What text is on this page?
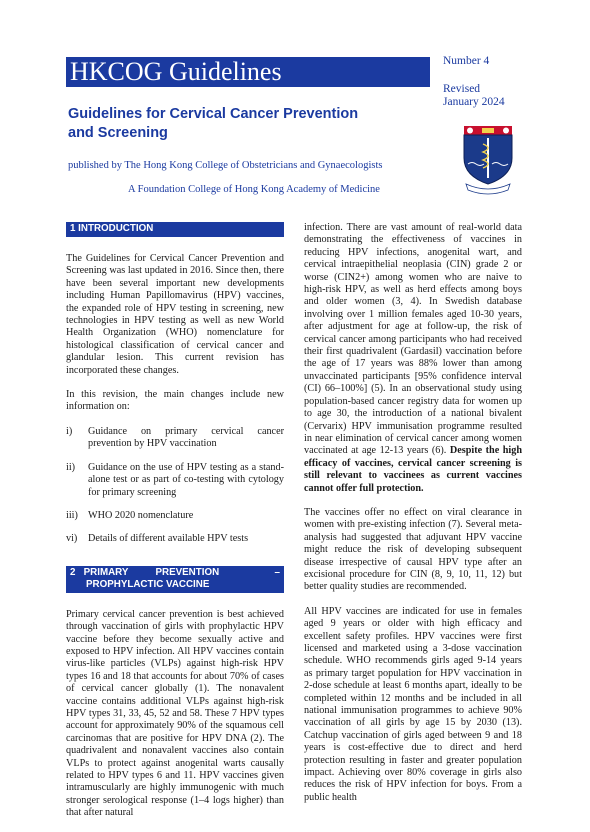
HKCOG Guidelines
Guidelines for Cervical Cancer Prevention
and Screening
Number 4
Revised
January 2024
published by The Hong Kong College of Obstetricians and Gynaecologists
A Foundation College of Hong Kong Academy of Medicine
1 INTRODUCTION

The Guidelines for Cervical Cancer Prevention and Screening was last updated in 2016. Since then, there have been several important new developments including Human Papillomavirus (HPV) vaccines, the expanded role of HPV testing in screening, new technologies in HPV testing as well as new World Health Organization (WHO) nomenclature for histological classification of cervical cancer and glandular lesion. This current revision has incorporated these changes.

In this revision, the main changes include new information on:

i)	Guidance on primary cervical cancer prevention by HPV vaccination
ii)	Guidance on the use of HPV testing as a stand-alone test or as part of co-testing with cytology for primary screening
iii) WHO 2020 nomenclature
vi)	Details of different available HPV tests
2   PRIMARY          PREVENTION	–
PROPHYLACTIC VACCINE

Primary cervical cancer prevention is best achieved through vaccination of girls with prophylactic HPV vaccine before they become sexually active and exposed to HPV infection. All HPV vaccines contain virus-like particles (VLPs) against high-risk HPV types 16 and 18 that accounts for about 70% of cases of cervical cancer globally (1). The nonavalent vaccine contains additional VLPs against high-risk HPV types 31, 33, 45, 52 and 58. These 7 HPV types account for approximately 90% of the squamous cell carcinomas that are positive for HPV DNA (2). The quadrivalent and nonavalent vaccines also contain VLPs to protect against anogenital warts causally related to HPV types 6 and 11. HPV vaccines given intramuscularly are highly immunogenic with much stronger serological response (1–4 logs higher) than that after natural

infection. There are vast amount of real-world data demonstrating the effectiveness of vaccines in reducing HPV infections, anogenital wart, and cervical intraepithelial neoplasia (CIN) grade 2 or worse (CIN2+) among women who are naive to high-risk HPV, as well as herd effects among boys and older women (3, 4). In Swedish database involving over 1 million females aged 10-30 years, after adjustment for age at follow-up, the risk of cervical cancer among participants who had received their first quadrivalent (Gardasil) vaccination before the age of 17 years was 88% lower than among unvaccinated participants [95% confidence interval (CI) 66–100%] (5). In an observational study using population-based cancer registry data for women up to age 30, the introduction of a national bivalent (Cervarix) HPV immunisation programme resulted in near elimination of cervical cancer among women vaccinated at age 12-13 years (6). Despite the high efficacy of vaccines, cervical cancer screening is still relevant to vaccinees as current vaccines cannot offer full protection.

The vaccines offer no effect on viral clearance in women with pre-existing infection (7). Several meta-analysis had suggested that adjuvant HPV vaccine might reduce the risk of developing subsequent disease irrespective of causal HPV type after an excisional procedure for CIN (8, 9, 10, 11, 12) but better quality studies are recommended.

All HPV vaccines are indicated for use in females aged 9 years or older with high efficacy and excellent safety profiles. HPV vaccines were first licensed and marketed using a 3-dose vaccination schedule. WHO recommends girls aged 9-14 years as primary target population for HPV vaccination in 2-dose schedule at least 6 months apart, ideally to be completed within 12 months and be included in all national immunisation programmes to achieve 90% vaccination of all girls by age 15 by 2030 (13). Catchup vaccination of girls aged between 9 and 18 years is cost-effective due to direct and herd protection resulting in faster and greater population impact. Achieving over 80% coverage in girls also reduces the risk of HPV infection for boys. From a public health
